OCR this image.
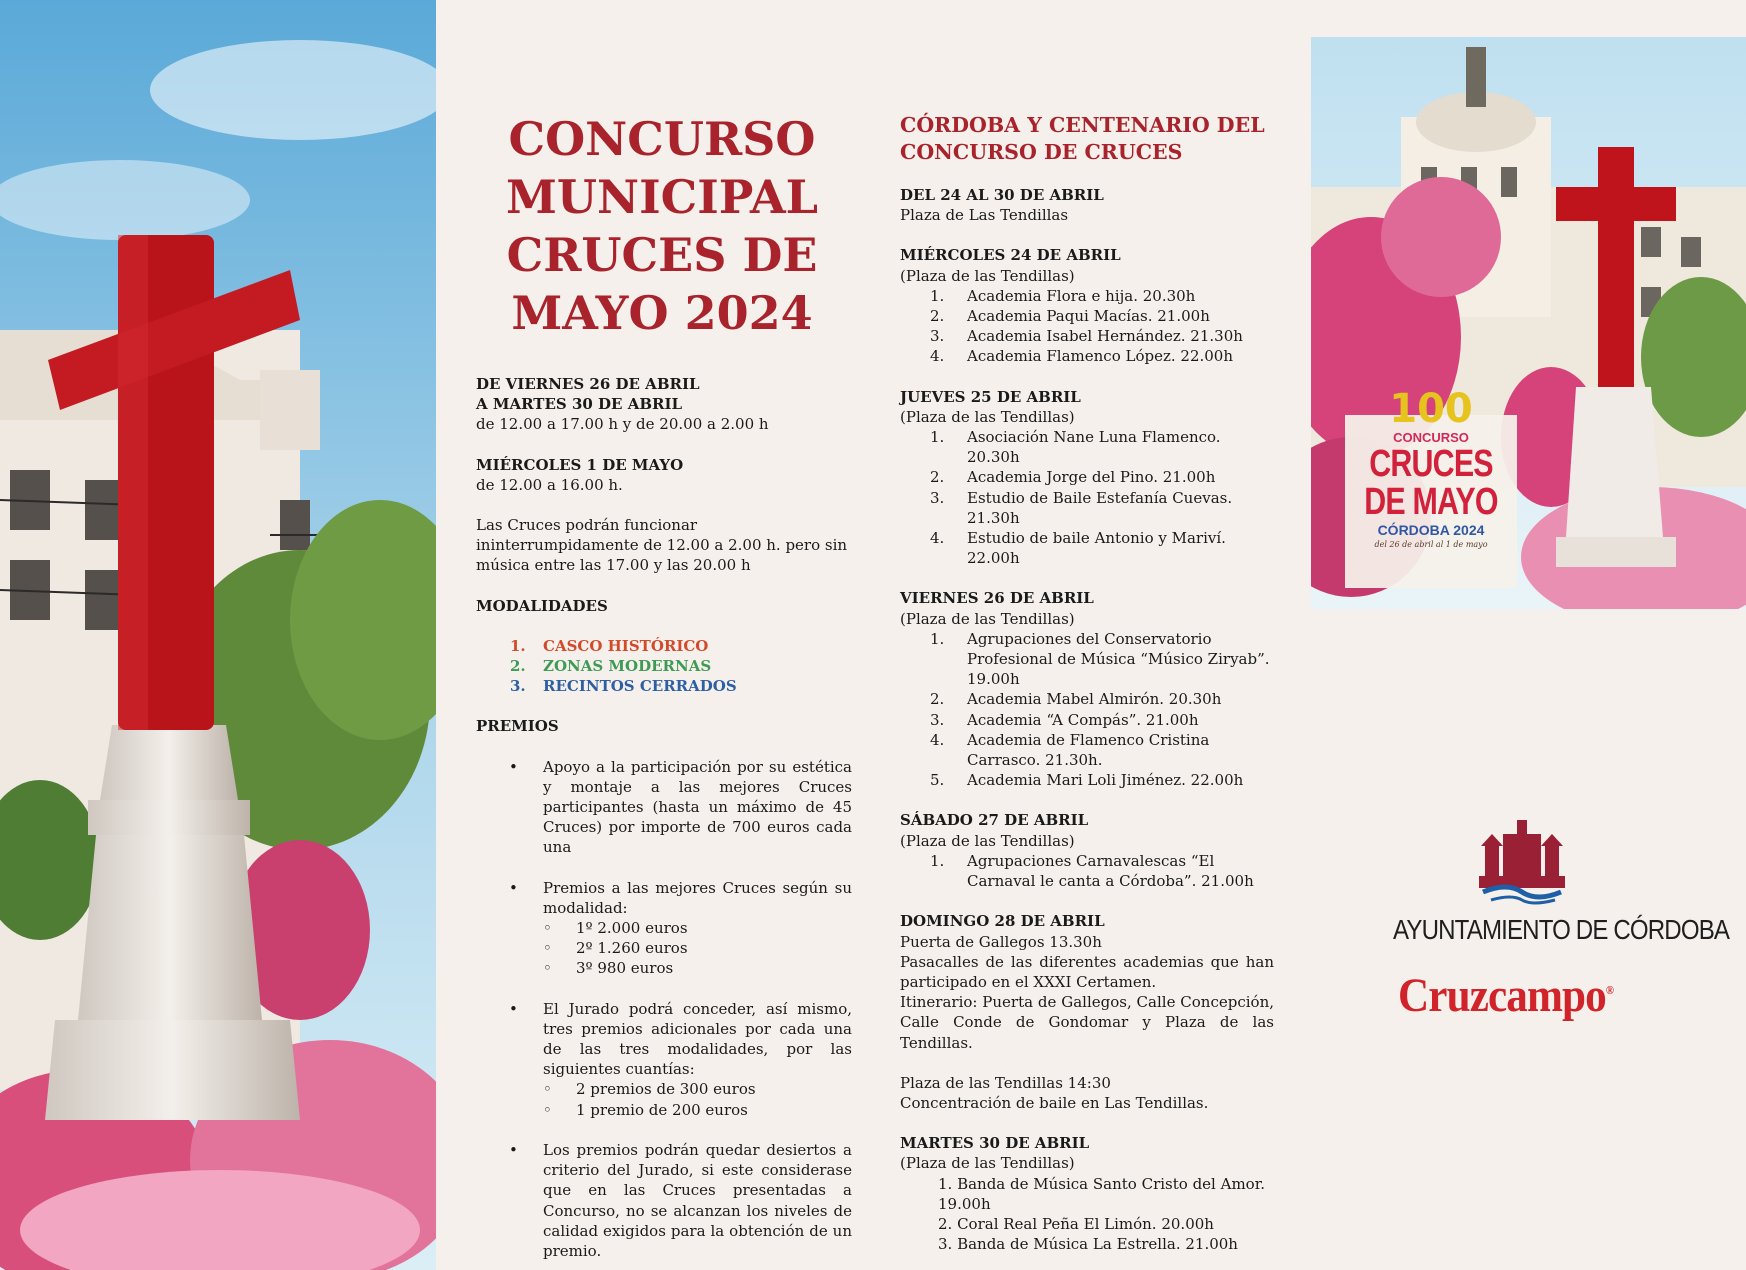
CONCURSO
MUNICIPAL
CRUCES DE
MAYO 2024
DE VIERNES 26 DE ABRIL
A MARTES 30 DE ABRIL
de 12.00 a 17.00 h y de 20.00 a 2.00 h
MIÉRCOLES 1 DE MAYO
de 12.00 a 16.00 h.

Las Cruces podrán funcionar ininterrumpidamente de 12.00 a 2.00 h. pero sin música entre las 17.00 y las 20.00 h

MODALIDADES
1. CASCO HISTÓRICO
2. ZONAS MODERNAS
3. RECINTOS CERRADOS
PREMIOS
• Apoyo a la participación por su estética y montaje a las mejores Cruces participantes (hasta un máximo de 45 Cruces) por importe de 700 euros cada una
• Premios a las mejores Cruces según su modalidad:
◦ 1º 2.000 euros
◦ 2º 1.260 euros
◦ 3º 980 euros
• El Jurado podrá conceder, así mismo, tres premios adicionales por cada una de las tres modalidades, por las siguientes cuantías:
◦ 2 premios de 300 euros
◦ 1 premio de 200 euros
• Los premios podrán quedar desiertos a criterio del Jurado, si este considerase que en las Cruces presentadas a Concurso, no se alcanzan los niveles de calidad exigidos para la obtención de un premio.
CÓRDOBA Y CENTENARIO DEL
CONCURSO DE CRUCES
DEL 24 AL 30 DE ABRIL
Plaza de Las Tendillas
MIÉRCOLES 24 DE ABRIL
(Plaza de las Tendillas)
1. Academia Flora e hija. 20.30h
2. Academia Paqui Macías. 21.00h
3. Academia Isabel Hernández. 21.30h
4. Academia Flamenco López. 22.00h
JUEVES 25 DE ABRIL
(Plaza de las Tendillas)
1. Asociación Nane Luna Flamenco. 20.30h
2. Academia Jorge del Pino. 21.00h
3. Estudio de Baile Estefanía Cuevas. 21.30h
4. Estudio de baile Antonio y Mariví. 22.00h
VIERNES 26 DE ABRIL
(Plaza de las Tendillas)
1. Agrupaciones del Conservatorio Profesional de Música “Músico Ziryab”. 19.00h
2. Academia Mabel Almirón. 20.30h
3. Academia “A Compás”. 21.00h
4. Academia de Flamenco Cristina Carrasco. 21.30h.
5. Academia Mari Loli Jiménez. 22.00h
SÁBADO 27 DE ABRIL
(Plaza de las Tendillas)
1. Agrupaciones Carnavalescas “El Carnaval le canta a Córdoba”. 21.00h
DOMINGO 28 DE ABRIL
Puerta de Gallegos 13.30h
Pasacalles de las diferentes academias que han participado en el XXXI Certamen.
Itinerario: Puerta de Gallegos, Calle Concepción, Calle Conde de Gondomar y Plaza de las Tendillas.
Plaza de las Tendillas 14:30
Concentración de baile en Las Tendillas.
MARTES 30 DE ABRIL
(Plaza de las Tendillas)
1. Banda de Música Santo Cristo del Amor. 19.00h
2. Coral Real Peña El Limón. 20.00h
3. Banda de Música La Estrella. 21.00h
100
CONCURSO
CRUCES
DE MAYO
CÓRDOBA 2024
del 26 de abril al 1 de mayo
AYUNTAMIENTO DE CÓRDOBA
Cruzcampo®
